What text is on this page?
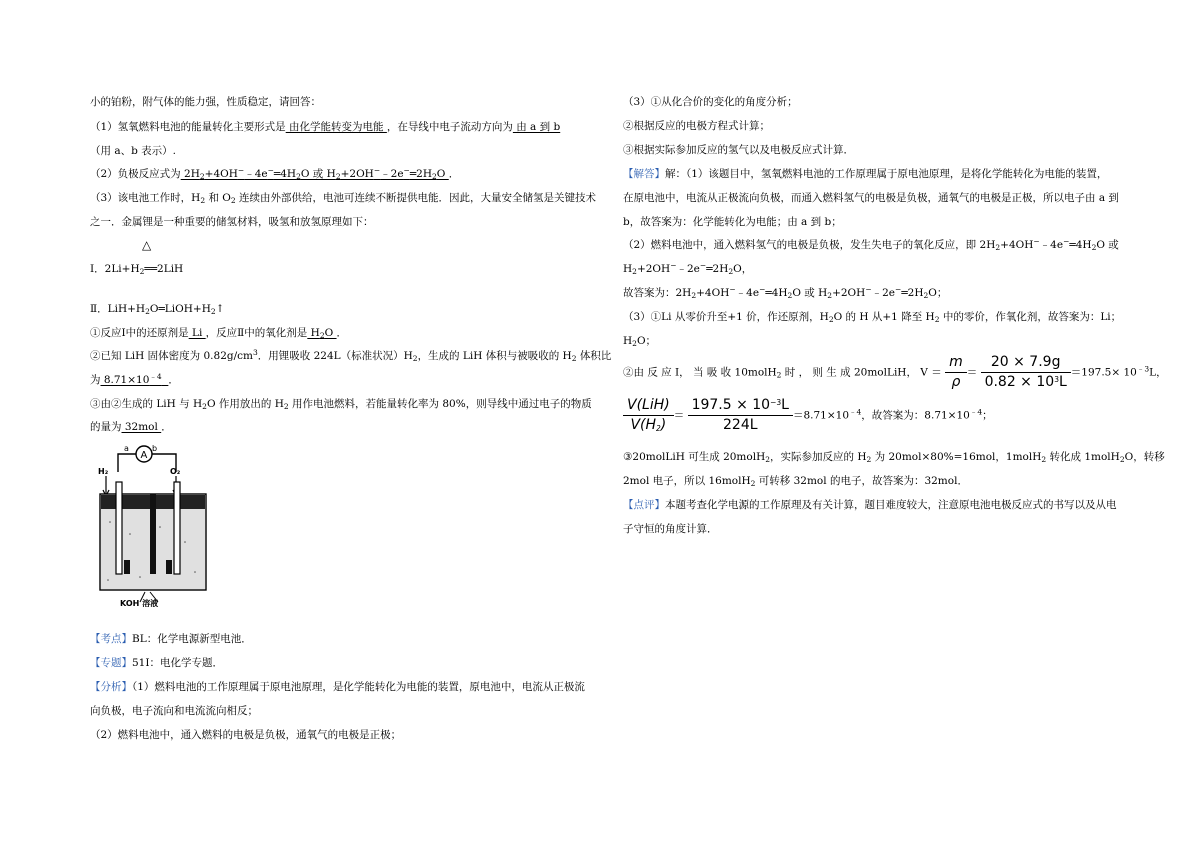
小的铂粉，附气体的能力强，性质稳定，请回答：
（1）氢氧燃料电池的能量转化主要形式是 由化学能转变为电能 ，在导线中电子流动方向为 由 a 到 b
（用 a、b 表示）.
（2）负极反应式为 $2H_2+4OH^-﹣4e^-═4H_2O$ 或 $H_2+2OH^-﹣2e^-═2H_2O$ ．
（3）该电池工作时，$H_2$ 和 $O_2$ 连续由外部供给，电池可连续不断提供电能．因此，大量安全储氢是关键技术
之一．金属锂是一种重要的储氢材料，吸氢和放氢原理如下：
△
Ⅰ．$2Li+H_2══2LiH$
Ⅱ．$LiH+H_2O═LiOH+H_2↑$
①反应Ⅰ中的还原剂是 Li ，反应Ⅱ中的氧化剂是 $H_2O$ ．
②已知 LiH 固体密度为 $0.82g/cm^3$．用锂吸收 224L（标准状况）$H_2$，生成的 LiH 体积与被吸收的 $H_2$ 体积比
为 $8.71\times 10^{﹣4}$ ．
③由②生成的 LiH 与 $H_2O$ 作用放出的 $H_2$ 用作电池燃料，若能量转化率为 80%，则导线中通过电子的物质
的量为 32mol ．
a	b
A
H₂	O₂
KOH 溶液
【考点】BL：化学电源新型电池．
【专题】51I：电化学专题．
【分析】（1）燃料电池的工作原理属于原电池原理，是化学能转化为电能的装置，原电池中，电流从正极流
向负极，电子流向和电流流向相反；
（2）燃料电池中，通入燃料的电极是负极，通氧气的电极是正极；
（3）①从化合价的变化的角度分析；
②根据反应的电极方程式计算；
③根据实际参加反应的氢气以及电极反应式计算．
【解答】解：（1）该题目中，氢氧燃料电池的工作原理属于原电池原理，是将化学能转化为电能的装置，
在原电池中，电流从正极流向负极，而通入燃料氢气的电极是负极，通氧气的电极是正极，所以电子由 a 到
b，故答案为：化学能转化为电能；由 a 到 b；
（2）燃料电池中，通入燃料氢气的电极是负极，发生失电子的氧化反应，即 $2H_2+4OH^-﹣4e^-═4H_2O$ 或
$H_2+2OH^-﹣2e^-═2H_2O$，
故答案为：$2H_2+4OH^-﹣4e^-═4H_2O$ 或 $H_2+2OH^-﹣2e^-═2H_2O$；
（3）①Li 从零价升至+1 价，作还原剂，$H_2O$ 的 H 从+1 降至 $H_2$ 中的零价，作氧化剂，故答案为：Li；
$H_2O$；
②由 反 应 I， 当 吸 收 10molH$_2$ 时 ， 则 生 成 20molLiH， $V = \frac{m}{\rho} = \frac{20 \times 7.9g}{0.82 \times 10^3L} =197.5\times 10^{﹣3}L$，
$\frac{\text{V(LiH)}}{V(H_2)} = \frac{197.5 \times 10^{-3}L}{224L} =8.71\times 10^{﹣4}$，故答案为：$8.71\times 10^{﹣4}$；
③20molLiH 可生成 20molH$_2$，实际参加反应的 $H_2$ 为 20mol×80%=16mol，1molH$_2$ 转化成 1molH$_2$O，转移
2mol 电子，所以 16molH$_2$ 可转移 32mol 的电子，故答案为：32mol．
【点评】本题考查化学电源的工作原理及有关计算，题目难度较大，注意原电池电极反应式的书写以及从电
子守恒的角度计算．
